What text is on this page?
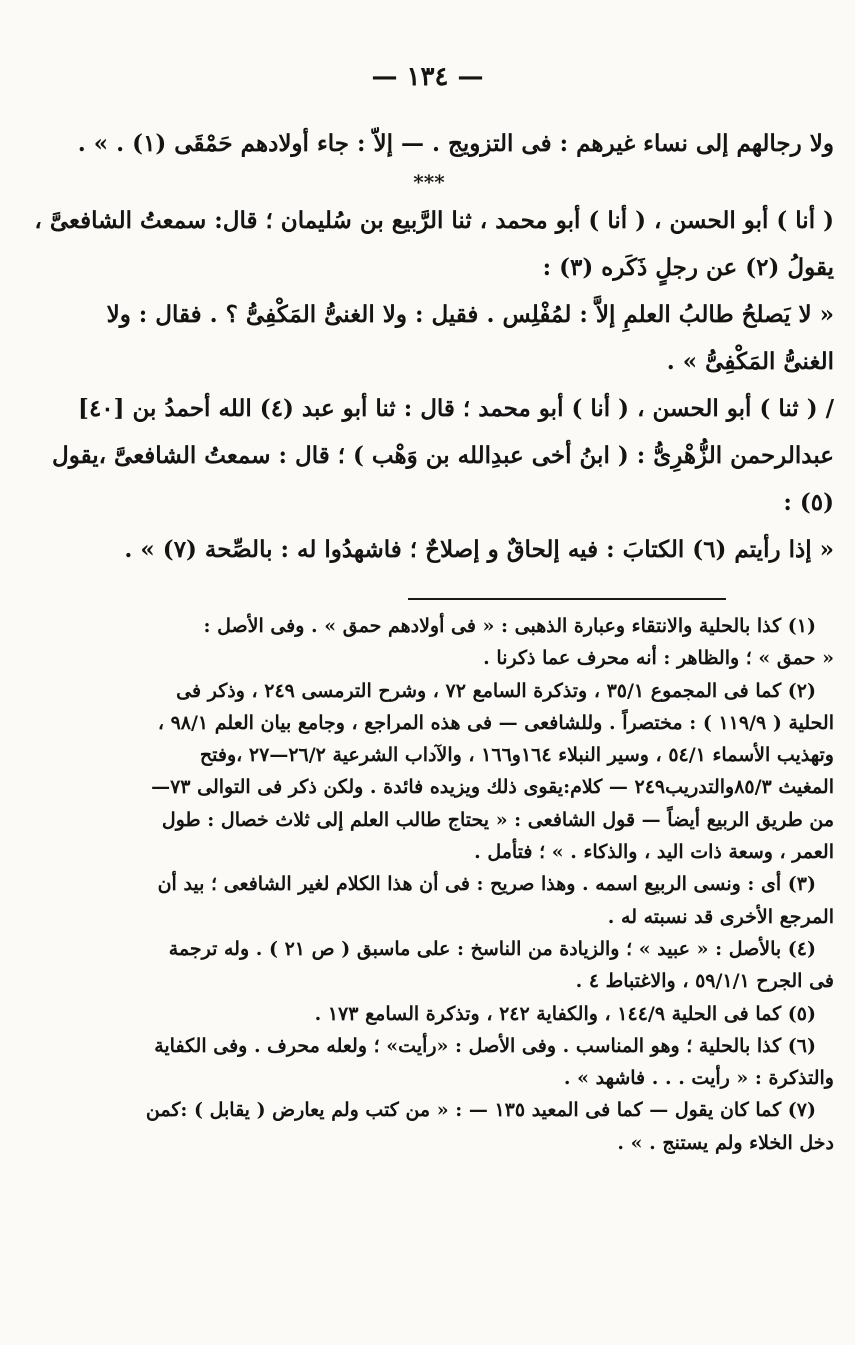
— ١٣٤ —

ولا رجالهم إلى نساء غيرهم : فى التزويج . — إلاّ : جاء أولادهم حَمْقَى (١) . » .

***

( أنا ) أبو الحسن ، ( أنا ) أبو محمد ، ثنا الرَّبيع بن سُليمان ؛ قال: سمعتُ الشافعىَّ ،

يقولُ (٢) عن رجلٍ ذَكَره (٣) :

« لا يَصلحُ طالبُ العلمِ إلاَّ : لمُفْلِس . فقيل : ولا الغنىُّ المَكْفِىُّ ؟ . فقال : ولا

الغنىُّ المَكْفِىُّ » .

/ ( ثنا ) أبو الحسن ، ( أنا ) أبو محمد ؛ قال : ثنا أبو عبد (٤) الله أحمدُ بن [٤٠]

عبدالرحمن الزُّهْرِىُّ : ( ابنُ أخى عبدِالله بن وَهْب ) ؛ قال : سمعتُ الشافعىَّ ،يقول (٥) :

« إذا رأيتم (٦) الكتابَ : فيه إلحاقٌ و إصلاحٌ ؛ فاشهدُوا له : بالصِّحة (٧) » .

(١) كذا بالحلية والانتقاء وعبارة الذهبى : « فى أولادهم حمق » . وفى الأصل :

« حمق » ؛ والظاهر : أنه محرف عما ذكرنا .

(٢) كما فى المجموع ٣٥/١ ، وتذكرة السامع ٧٢ ، وشرح الترمسى ٢٤٩ ، وذكر فى

الحلية ( ١١٩/٩ ) : مختصراً . وللشافعى — فى هذه المراجع ، وجامع بيان العلم ٩٨/١ ،

وتهذيب الأسماء ٥٤/١ ، وسير النبلاء ١٦٤و١٦٦ ، والآداب الشرعية ٢٦/٢—٢٧ ،وفتح

المغيث ٨٥/٣والتدريب٢٤٩ — كلام:يقوى ذلك ويزيده فائدة . ولكن ذكر فى التوالى ٧٣—

من طريق الربيع أيضاً — قول الشافعى : « يحتاج طالب العلم إلى ثلاث خصال : طول

العمر ، وسعة ذات اليد ، والذكاء . » ؛ فتأمل .

(٣) أى : ونسى الربيع اسمه . وهذا صريح : فى أن هذا الكلام لغير الشافعى ؛ بيد أن

المرجع الأخرى قد نسبته له .

(٤) بالأصل : « عبيد » ؛ والزيادة من الناسخ : على ماسبق ( ص ٢١ ) . وله ترجمة

فى الجرح ٥٩/١/١ ، والاغتباط ٤ .

(٥) كما فى الحلية ١٤٤/٩ ، والكفاية ٢٤٢ ، وتذكرة السامع ١٧٣ .

(٦) كذا بالحلية ؛ وهو المناسب . وفى الأصل : «رأيت» ؛ ولعله محرف . وفى الكفاية

والتذكرة : « رأيت . . . فاشهد » .

(٧) كما كان يقول — كما فى المعيد ١٣٥ — : « من كتب ولم يعارض ( يقابل ) :كمن

دخل الخلاء ولم يستنج . » .
